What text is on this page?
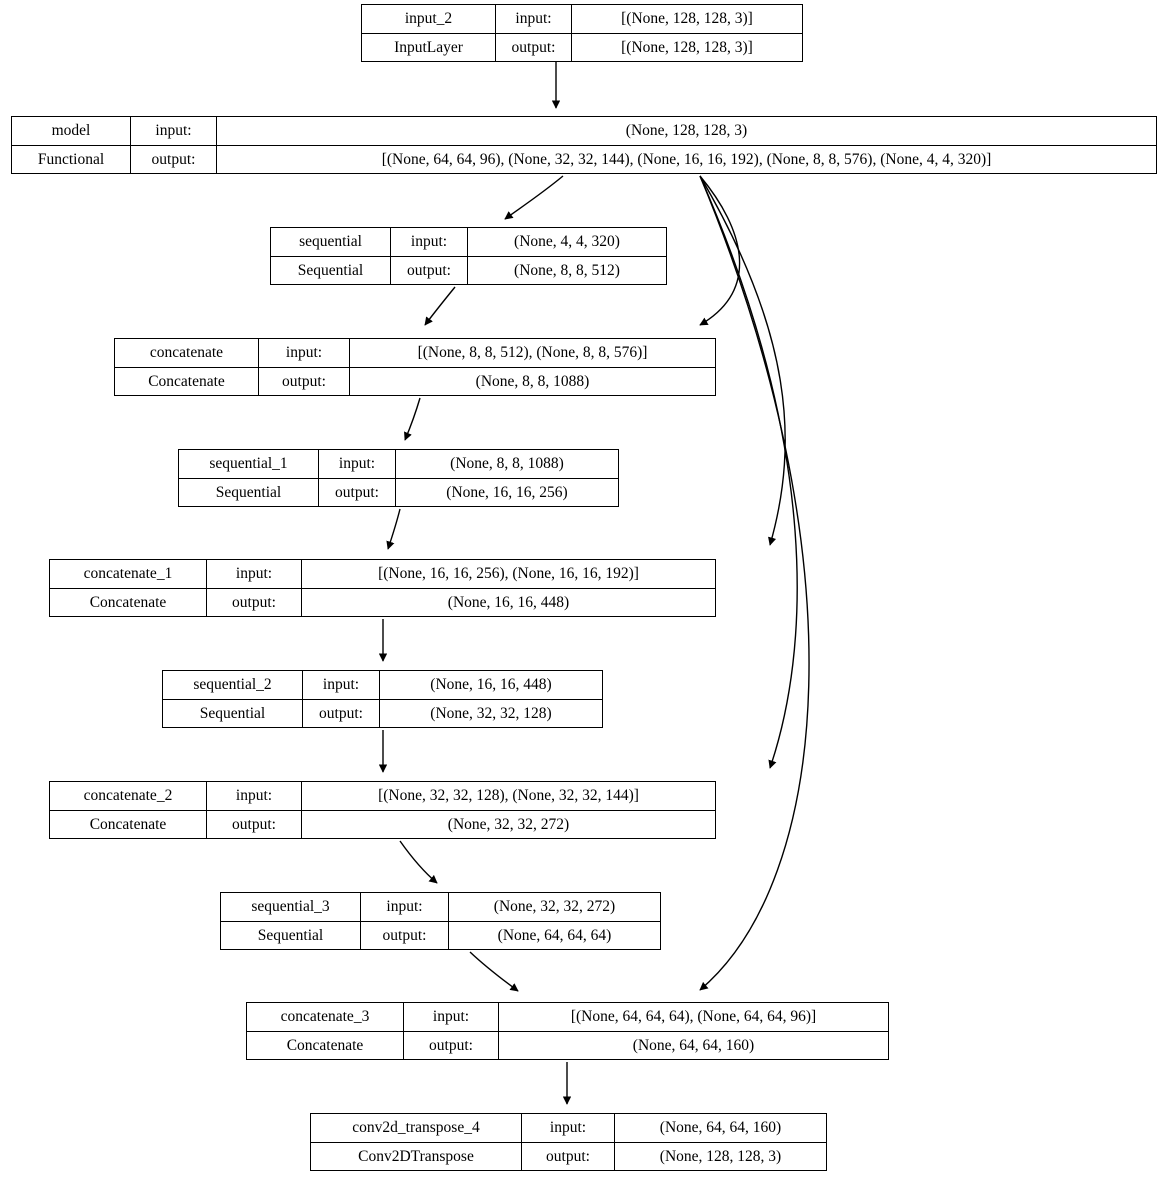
input_2	input:	[(None, 128, 128, 3)]
InputLayer	output:	[(None, 128, 128, 3)]
model	input:	(None, 128, 128, 3)
Functional	output:	[(None, 64, 64, 96), (None, 32, 32, 144), (None, 16, 16, 192), (None, 8, 8, 576), (None, 4, 4, 320)]
sequential	input:	(None, 4, 4, 320)
Sequential	output:	(None, 8, 8, 512)
concatenate	input:	[(None, 8, 8, 512), (None, 8, 8, 576)]
Concatenate	output:	(None, 8, 8, 1088)
sequential_1	input:	(None, 8, 8, 1088)
Sequential	output:	(None, 16, 16, 256)
concatenate_1	input:	[(None, 16, 16, 256), (None, 16, 16, 192)]
Concatenate	output:	(None, 16, 16, 448)
sequential_2	input:	(None, 16, 16, 448)
Sequential	output:	(None, 32, 32, 128)
concatenate_2	input:	[(None, 32, 32, 128), (None, 32, 32, 144)]
Concatenate	output:	(None, 32, 32, 272)
sequential_3	input:	(None, 32, 32, 272)
Sequential	output:	(None, 64, 64, 64)
concatenate_3	input:	[(None, 64, 64, 64), (None, 64, 64, 96)]
Concatenate	output:	(None, 64, 64, 160)
conv2d_transpose_4	input:	(None, 64, 64, 160)
Conv2DTranspose	output:	(None, 128, 128, 3)
